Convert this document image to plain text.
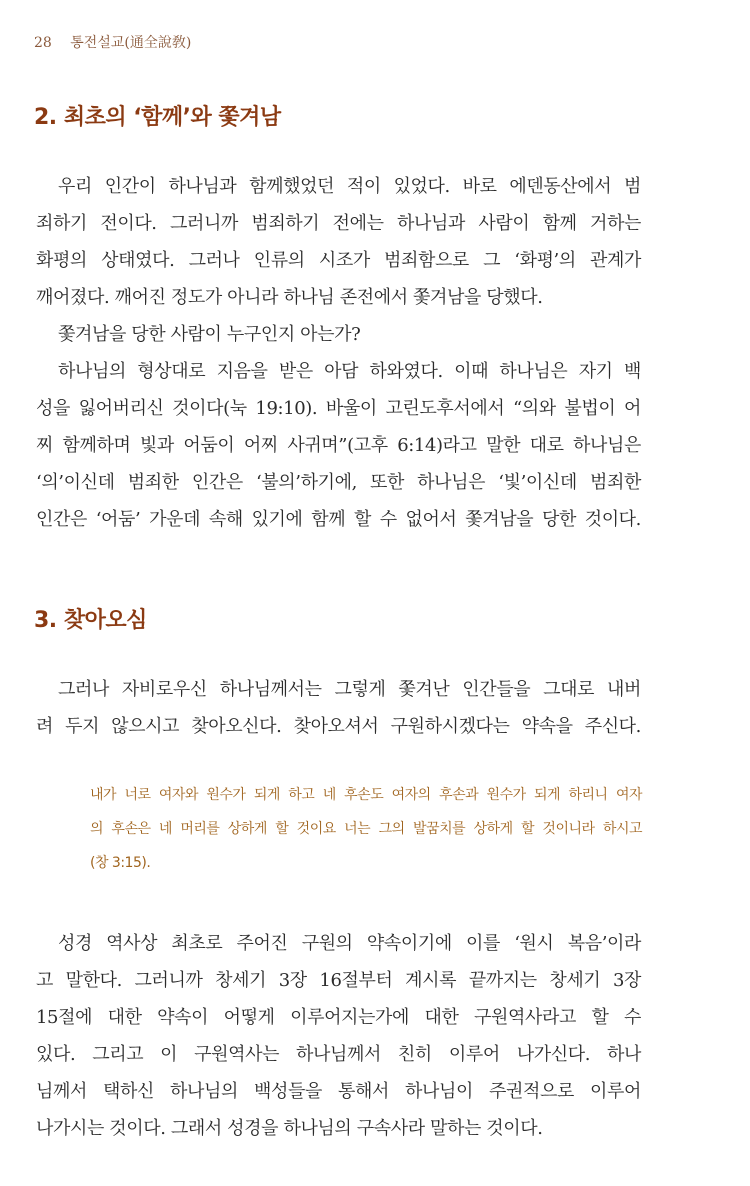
28 통전설교(通全說敎)
2. 최초의 ‘함께’와 쫓겨남
우리 인간이 하나님과 함께했었던 적이 있었다. 바로 에덴동산에서 범
죄하기 전이다. 그러니까 범죄하기 전에는 하나님과 사람이 함께 거하는
화평의 상태였다. 그러나 인류의 시조가 범죄함으로 그 ‘화평’의 관계가
깨어졌다. 깨어진 정도가 아니라 하나님 존전에서 쫓겨남을 당했다.
쫓겨남을 당한 사람이 누구인지 아는가?
하나님의 형상대로 지음을 받은 아담 하와였다. 이때 하나님은 자기 백
성을 잃어버리신 것이다(눅 19:10). 바울이 고린도후서에서 “의와 불법이 어
찌 함께하며 빛과 어둠이 어찌 사귀며”(고후 6:14)라고 말한 대로 하나님은
‘의’이신데 범죄한 인간은 ‘불의’하기에, 또한 하나님은 ‘빛’이신데 범죄한
인간은 ‘어둠’ 가운데 속해 있기에 함께 할 수 없어서 쫓겨남을 당한 것이다.
3. 찾아오심
그러나 자비로우신 하나님께서는 그렇게 쫓겨난 인간들을 그대로 내버
려 두지 않으시고 찾아오신다. 찾아오셔서 구원하시겠다는 약속을 주신다.
내가 너로 여자와 원수가 되게 하고 네 후손도 여자의 후손과 원수가 되게 하리니 여자
의 후손은 네 머리를 상하게 할 것이요 너는 그의 발꿈치를 상하게 할 것이니라 하시고
(창 3:15).
성경 역사상 최초로 주어진 구원의 약속이기에 이를 ‘원시 복음’이라
고 말한다. 그러니까 창세기 3장 16절부터 계시록 끝까지는 창세기 3장
15절에 대한 약속이 어떻게 이루어지는가에 대한 구원역사라고 할 수
있다. 그리고 이 구원역사는 하나님께서 친히 이루어 나가신다. 하나
님께서 택하신 하나님의 백성들을 통해서 하나님이 주권적으로 이루어
나가시는 것이다. 그래서 성경을 하나님의 구속사라 말하는 것이다.
